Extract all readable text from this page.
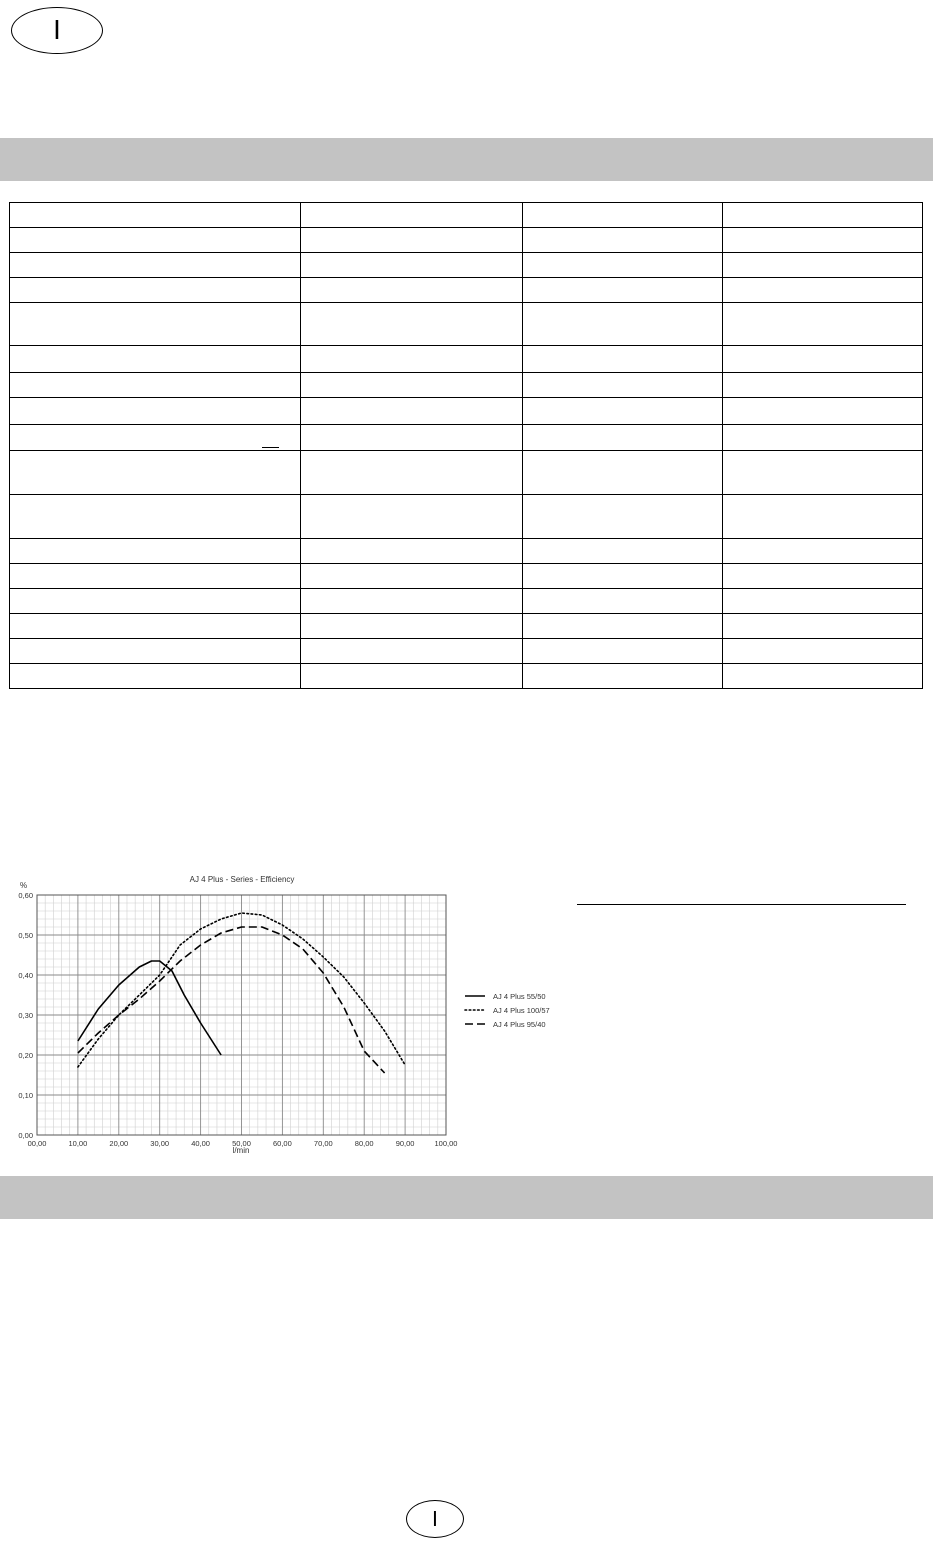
I

AJ 4 Plus - Series - Efficiency
%
l/min
0,00
0,10
0,20
0,30
0,40
0,50
0,60
00,00	10,00	20,00	30,00	40,00	50,00	60,00	70,00	80,00	90,00	100,00
AJ 4 Plus 55/50
AJ 4 Plus 100/57
AJ 4 Plus 95/40
I
